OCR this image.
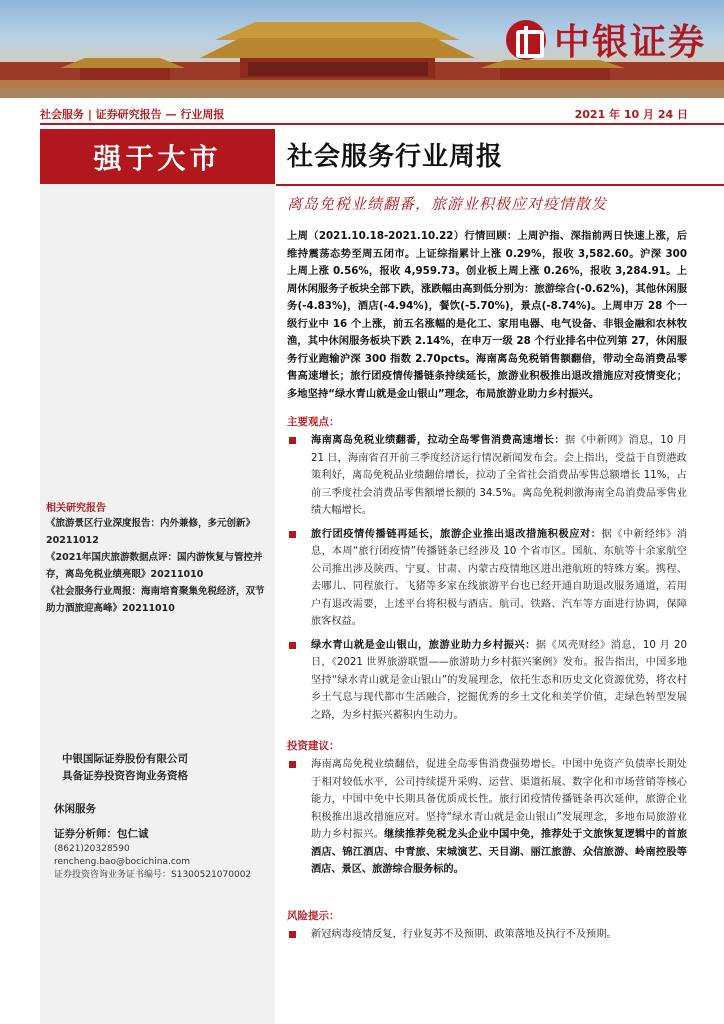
中银证券
社会服务 | 证券研究报告 — 行业周报	2021 年 10 月 24 日
强于大市
相关研究报告

《旅游景区行业深度报告：内外兼修，多元创新》20211012

《2021年国庆旅游数据点评：国内游恢复与管控并存，离岛免税业绩亮眼》20211010

《社会服务行业周报：海南培育聚集免税经济，双节助力酒旅迎高峰》20211010

中银国际证券股份有限公司
具备证券投资咨询业务资格
休闲服务
证券分析师：包仁诚
(8621)20328590
rencheng.bao@bocichina.com
证券投资咨询业务证书编号：S1300521070002
社会服务行业周报
离岛免税业绩翻番，旅游业积极应对疫情散发
上周（2021.10.18-2021.10.22）行情回顾：上周沪指、深指前两日快速上涨，后维持震荡态势至周五闭市。上证综指累计上涨 0.29%，报收 3,582.60。沪深 300 上周上涨 0.56%，报收 4,959.73。创业板上周上涨 0.26%，报收 3,284.91。上周休闲服务子板块全部下跌，涨跌幅由高到低分别为：旅游综合(-0.62%)，其他休闲服务(-4.83%)，酒店(-4.94%)，餐饮(-5.70%)，景点(-8.74%)。上周申万 28 个一级行业中 16 个上涨，前五名涨幅的是化工、家用电器、电气设备、非银金融和农林牧渔，其中休闲服务板块下跌 2.14%，在申万一级 28 个行业排名中位列第 27，休闲服务行业跑输沪深 300 指数 2.70pcts。海南离岛免税销售额翻倍，带动全岛消费品零售高速增长；旅行团疫情传播链条持续延长，旅游业积极推出退改措施应对疫情变化；多地坚持“绿水青山就是金山银山”理念，布局旅游业助力乡村振兴。
主要观点：
海南离岛免税业绩翻番，拉动全岛零售消费高速增长：据《中新网》消息，10 月 21 日，海南省召开前三季度经济运行情况新闻发布会。会上指出，受益于自贸港政策利好，离岛免税品业绩翻倍增长，拉动了全省社会消费品零售总额增长 11%，占前三季度社会消费品零售额增长额的 34.5%。离岛免税刺激海南全岛消费品零售业绩大幅增长。
旅行团疫情传播链再延长，旅游企业推出退改措施积极应对：据《中新经纬》消息，本周“旅行团疫情”传播链条已经涉及 10 个省市区。国航、东航等十余家航空公司推出涉及陕西、宁夏、甘肃、内蒙古疫情地区进出港航班的特殊方案。携程、去哪儿、同程旅行、飞猪等多家在线旅游平台也已经开通自助退改服务通道，若用户有退改需要，上述平台将积极与酒店、航司、铁路、汽车等方面进行协调，保障旅客权益。
绿水青山就是金山银山，旅游业助力乡村振兴：据《凤壳财经》消息，10 月 20 日，《2021 世界旅游联盟——旅游助力乡村振兴案例》发布。报告指出，中国多地坚持“绿水青山就是金山银山”的发展理念，依托生态和历史文化资源优势，将农村乡土气息与现代都市生活融合，挖掘优秀的乡土文化和美学价值，走绿色转型发展之路，为乡村振兴蓄积内生动力。
投资建议：
海南离岛免税业绩翻倍，促进全岛零售消费强势增长。中国中免资产负债率长期处于相对较低水平，公司持续提升采购、运营、渠道拓展、数字化和市场营销等核心能力，中国中免中长期具备优质成长性。旅行团疫情传播链条再次延伸，旅游企业积极推出退改措施应对。坚持“绿水青山就是金山银山”发展理念，多地布局旅游业助力乡村振兴。继续推荐免税龙头企业中国中免，推荐处于文旅恢复逻辑中的首旅酒店、锦江酒店、中青旅、宋城演艺、天目湖、丽江旅游、众信旅游、岭南控股等酒店、景区、旅游综合服务标的。
风险提示：
新冠病毒疫情反复，行业复苏不及预期、政策落地及执行不及预期。
